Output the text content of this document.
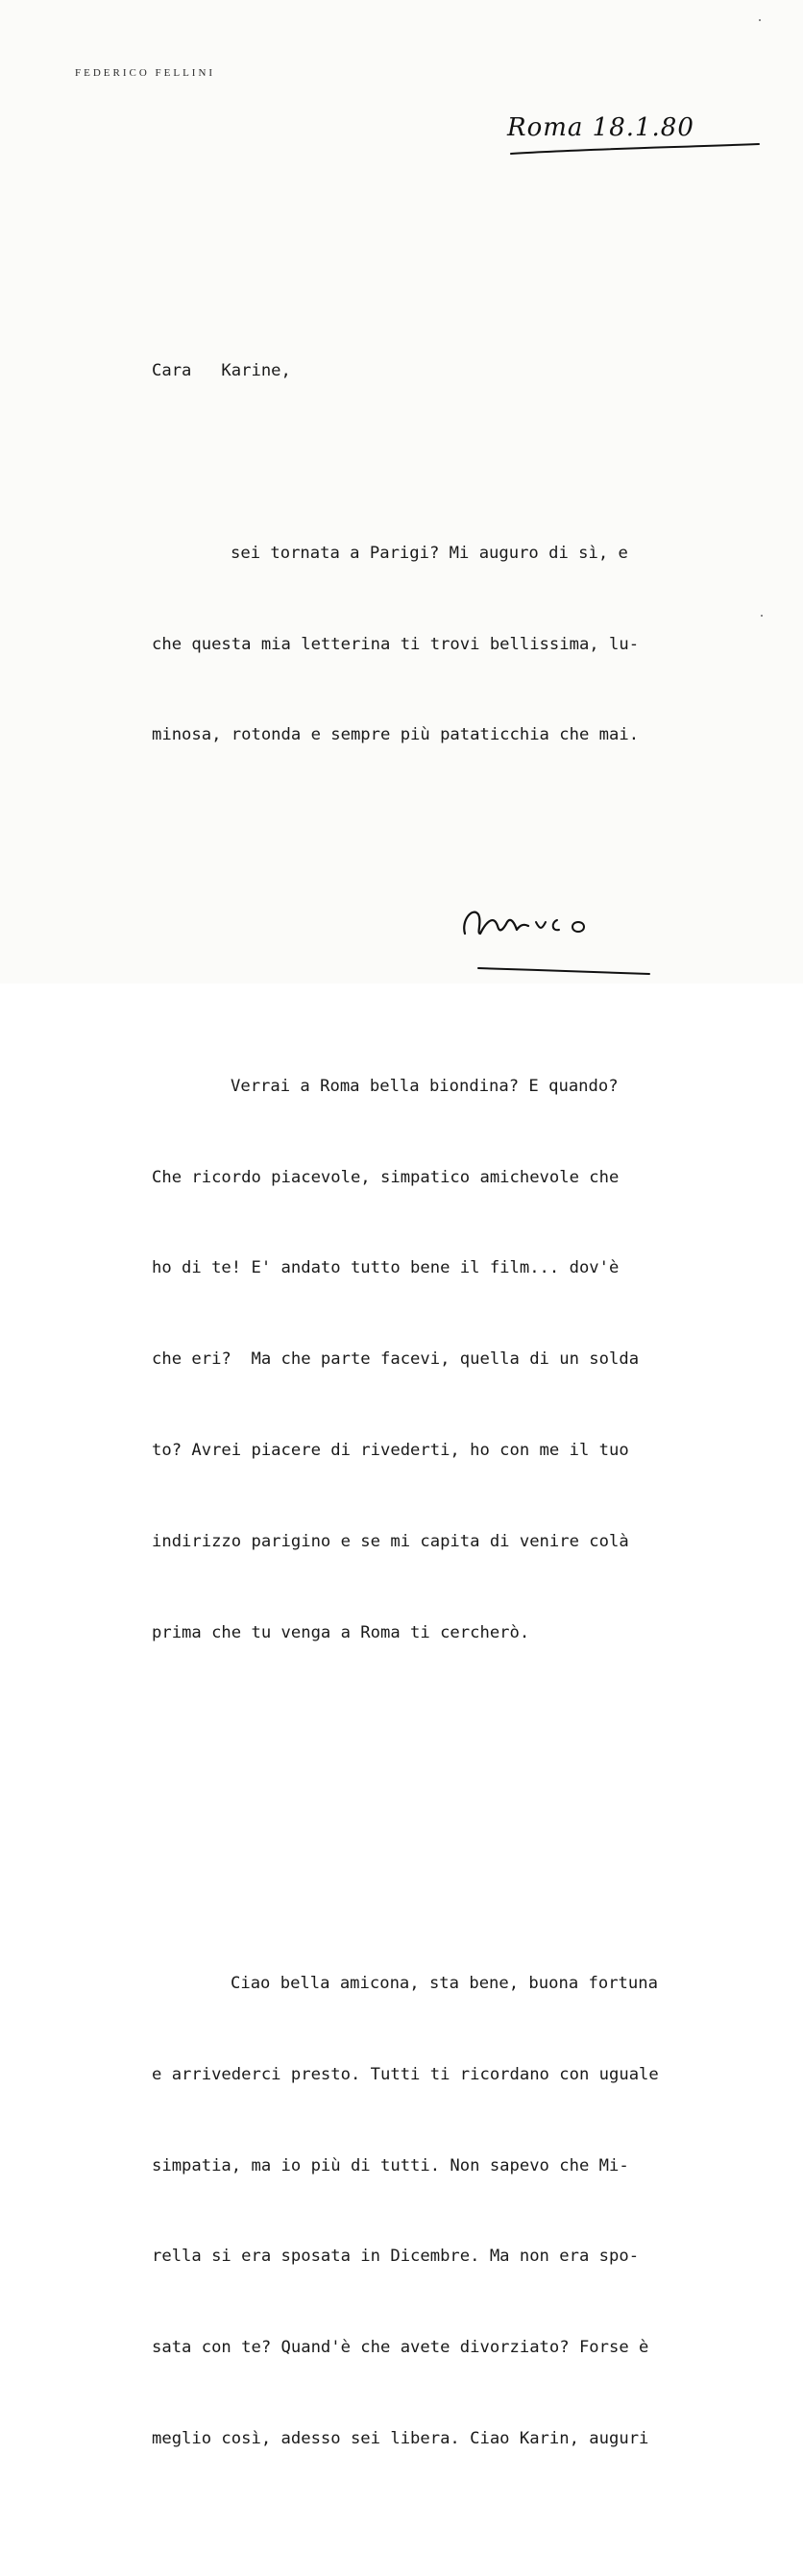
FEDERICO FELLINI
Roma 18.1.80

Cara   Karine,

sei tornata a Parigi? Mi auguro di sì, e

che questa mia letterina ti trovi bellissima, lu-

minosa, rotonda e sempre più pataticchia che mai.

Verrai a Roma bella biondina? E quando?

Che ricordo piacevole, simpatico amichevole che

ho di te! E' andato tutto bene il film... dov'è

che eri?  Ma che parte facevi, quella di un solda

to? Avrei piacere di rivederti, ho con me il tuo

indirizzo parigino e se mi capita di venire colà

prima che tu venga a Roma ti cercherò.

Ciao bella amicona, sta bene, buona fortuna

e arrivederci presto. Tutti ti ricordano con uguale

simpatia, ma io più di tutti. Non sapevo che Mi-

rella si era sposata in Dicembre. Ma non era spo-

sata con te? Quand'è che avete divorziato? Forse è

meglio così, adesso sei libera. Ciao Karin, auguri
